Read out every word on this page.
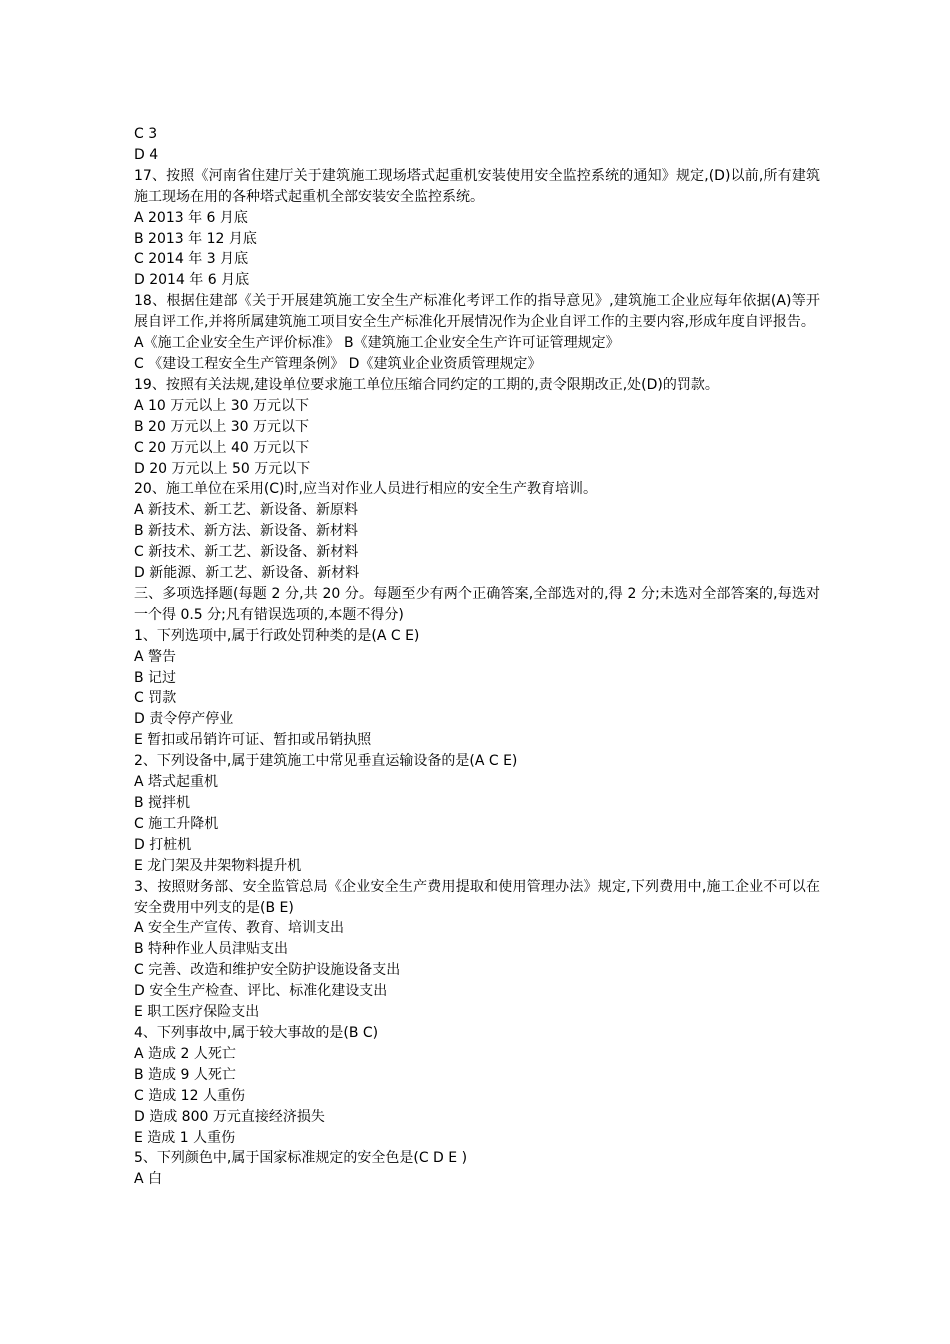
C 3
D 4
17、按照《河南省住建厅关于建筑施工现场塔式起重机安装使用安全监控系统的通知》规定,(D)以前,所有建筑施工现场在用的各种塔式起重机全部安装安全监控系统。
A 2013 年 6 月底
B 2013 年 12 月底
C 2014 年 3 月底
D 2014 年 6 月底
18、根据住建部《关于开展建筑施工安全生产标准化考评工作的指导意见》,建筑施工企业应每年依据(A)等开展自评工作,并将所属建筑施工项目安全生产标准化开展情况作为企业自评工作的主要内容,形成年度自评报告。
A《施工企业安全生产评价标准》 B《建筑施工企业安全生产许可证管理规定》
C 《建设工程安全生产管理条例》 D《建筑业企业资质管理规定》
19、按照有关法规,建设单位要求施工单位压缩合同约定的工期的,责令限期改正,处(D)的罚款。
A 10 万元以上 30 万元以下
B 20 万元以上 30 万元以下
C 20 万元以上 40 万元以下
D 20 万元以上 50 万元以下
20、施工单位在采用(C)时,应当对作业人员进行相应的安全生产教育培训。
A 新技术、新工艺、新设备、新原料
B 新技术、新方法、新设备、新材料
C 新技术、新工艺、新设备、新材料
D 新能源、新工艺、新设备、新材料
三、多项选择题(每题 2 分,共 20 分。每题至少有两个正确答案,全部选对的,得 2 分;未选对全部答案的,每选对一个得 0.5 分;凡有错误选项的,本题不得分)
1、下列选项中,属于行政处罚种类的是(A C E)
A 警告
B 记过
C 罚款
D 责令停产停业
E 暂扣或吊销许可证、暂扣或吊销执照
2、下列设备中,属于建筑施工中常见垂直运输设备的是(A C E)
A 塔式起重机
B 搅拌机
C 施工升降机
D 打桩机
E 龙门架及井架物料提升机
3、按照财务部、安全监管总局《企业安全生产费用提取和使用管理办法》规定,下列费用中,施工企业不可以在安全费用中列支的是(B E)
A 安全生产宣传、教育、培训支出
B 特种作业人员津贴支出
C 完善、改造和维护安全防护设施设备支出
D 安全生产检查、评比、标准化建设支出
E 职工医疗保险支出
4、下列事故中,属于较大事故的是(B C)
A 造成 2 人死亡
B 造成 9 人死亡
C 造成 12 人重伤
D 造成 800 万元直接经济损失
E 造成 1 人重伤
5、下列颜色中,属于国家标准规定的安全色是(C D E )
A 白
